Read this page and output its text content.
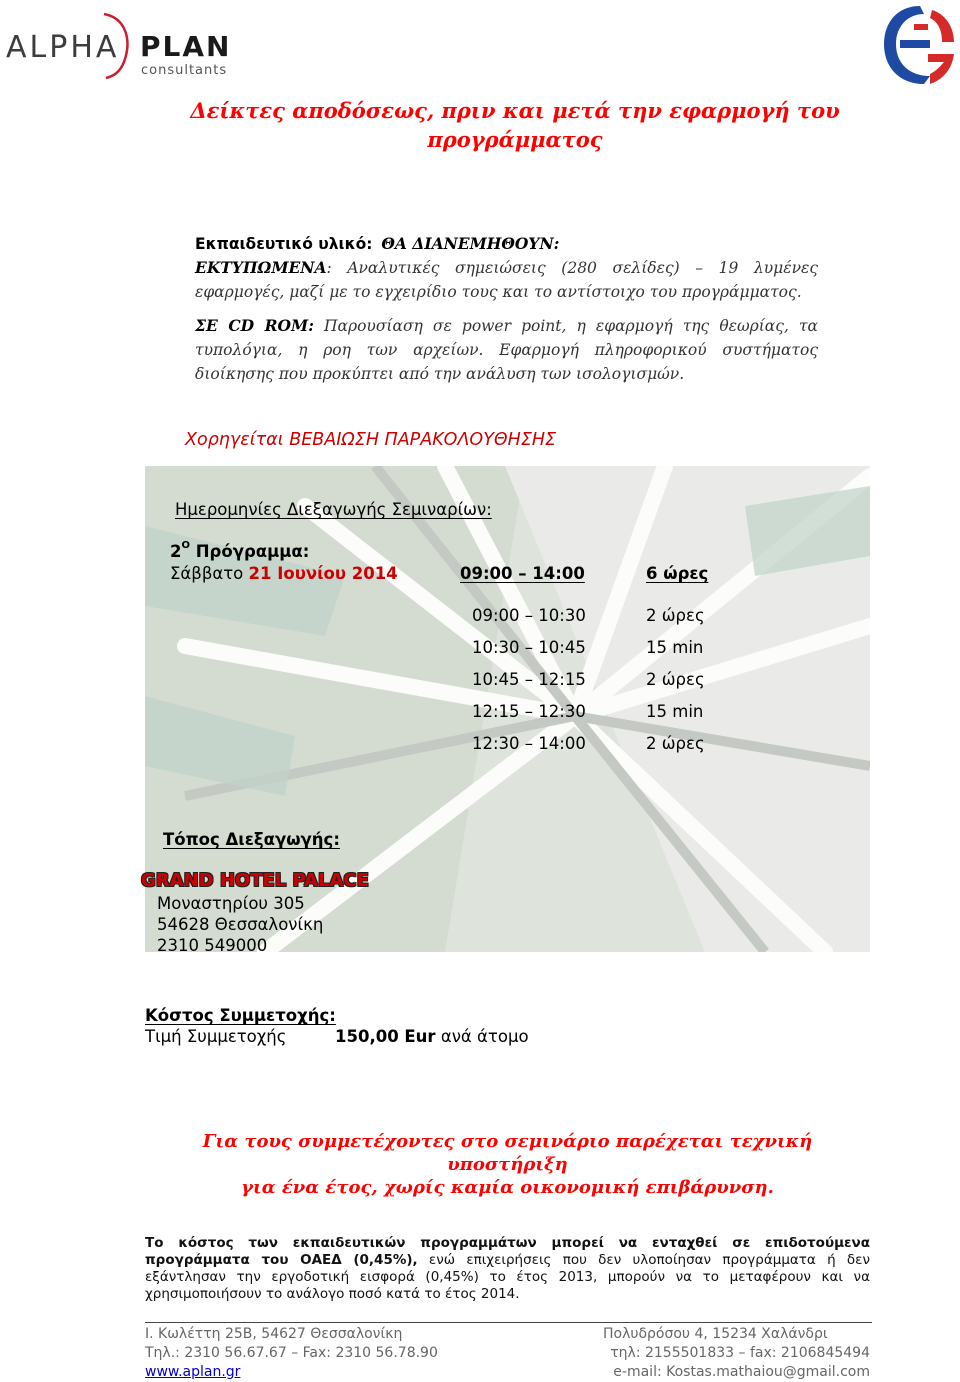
ALPHA PLAN
consultants
Δείκτες αποδόσεως, πριν και μετά την εφαρμογή του
προγράμματος
Εκπαιδευτικό υλικό: ΘΑ ΔΙΑΝΕΜΗΘΟΥΝ:
ΕΚΤΥΠΩΜΕΝΑ: Αναλυτικές σημειώσεις (280 σελίδες) – 19 λυμένες
εφαρμογές, μαζί με το εγχειρίδιο τους και το αντίστοιχο του προγράμματος.
ΣΕ CD ROM: Παρουσίαση σε power point, η εφαρμογή της θεωρίας, τα
τυπολόγια, η ροη των αρχείων. Εφαρμογή πληροφορικού συστήματος
διοίκησης που προκύπτει από την ανάλυση των ισολογισμών.
Χορηγείται ΒΕΒΑΙΩΣΗ ΠΑΡΑΚΟΛΟΥΘΗΣΗΣ
Ημερομηνίες Διεξαγωγής Σεμιναρίων:
$2^O$ Πρόγραμμα:
Σάββατο 21 Ιουνίου 2014	09:00 – 14:00	6 ώρες
09:00 – 10:30	2 ώρες
10:30 – 10:45	15 min
10:45 – 12:15	2 ώρες
12:15 – 12:30	15 min
12:30 – 14:00	2 ώρες
Τόπος Διεξαγωγής:
GRAND HOTEL PALACE
Μοναστηρίου 305
54628 Θεσσαλονίκη
2310 549000
Κόστος Συμμετοχής:
Τιμή Συμμετοχής	150,00 Eur ανά άτομο
Για τους συμμετέχοντες στο σεμινάριο παρέχεται τεχνική υποστήριξη
για ένα έτος, χωρίς καμία οικονομική επιβάρυνση.
Το κόστος των εκπαιδευτικών προγραμμάτων μπορεί να ενταχθεί σε επιδοτούμενα προγράμματα του ΟΑΕΔ (0,45%), ενώ επιχειρήσεις που δεν υλοποίησαν προγράμματα ή δεν εξάντλησαν την εργοδοτική εισφορά (0,45%) το έτος 2013, μπορούν να το μεταφέρουν και να χρησιμοποιήσουν το ανάλογο ποσό κατά το έτος 2014.
Ι. Κωλέττη 25Β, 54627 Θεσσαλονίκη
Τηλ.: 2310 56.67.67 – Fax: 2310 56.78.90
www.aplan.gr
Πολυδρόσου 4, 15234 Χαλάνδρι
τηλ: 2155501833 – fax: 2106845494
e-mail: Kostas.mathaiou@gmail.com
